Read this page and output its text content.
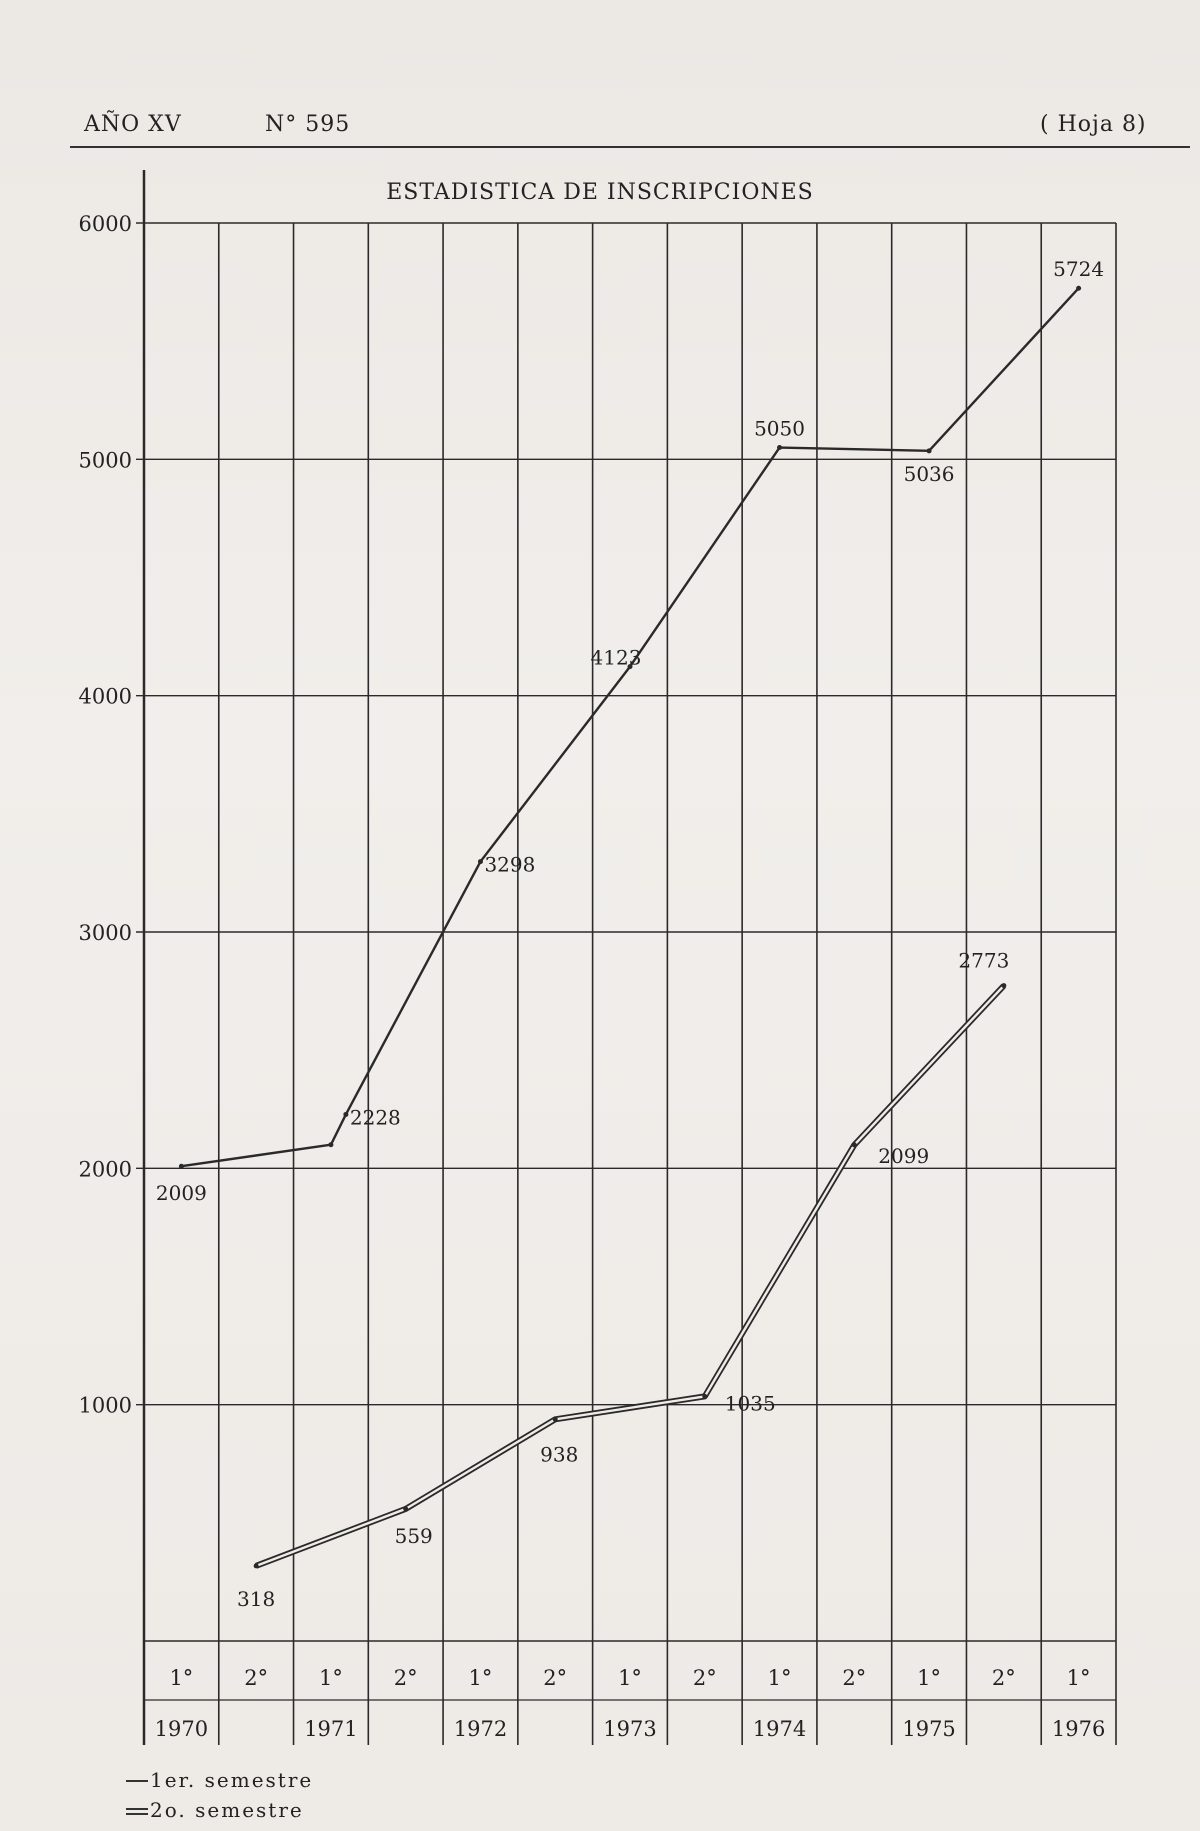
AÑO XV	N° 595	( Hoja 8)
1000
2000
3000
4000
5000
6000
1°
1970
2° 1°
1971
2° 1°
1972
2° 1°
1973
2° 1°
1974
2° 1°
1975
2° 1°
1976
2009
2228
3298
4123
5050
5036
5724
318
559
938
1035
2099
2773
ESTADISTICA DE INSCRIPCIONES
1er. semestre
2o. semestre
